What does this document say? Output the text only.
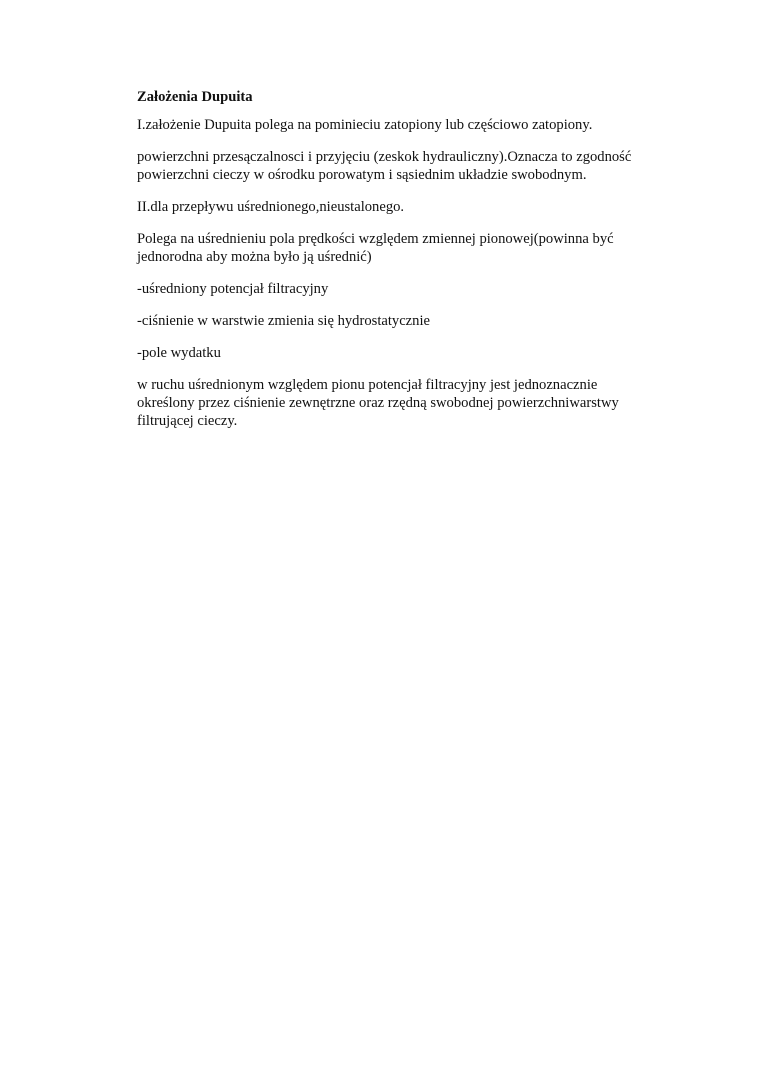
Założenia Dupuita

I.założenie Dupuita polega na pominieciu zatopiony lub częściowo zatopiony.

powierzchni przesączalnosci i przyjęciu (zeskok hydrauliczny).Oznacza to zgodność
powierzchni cieczy w ośrodku porowatym i sąsiednim układzie swobodnym.

II.dla przepływu uśrednionego,nieustalonego.

Polega na uśrednieniu pola prędkości względem zmiennej pionowej(powinna być
jednorodna aby można było ją uśrednić)

-uśredniony potencjał filtracyjny

-ciśnienie w warstwie zmienia się hydrostatycznie

-pole wydatku

w ruchu uśrednionym względem pionu potencjał filtracyjny jest jednoznacznie
określony przez ciśnienie zewnętrzne oraz rzędną swobodnej powierzchniwarstwy
filtrującej cieczy.
